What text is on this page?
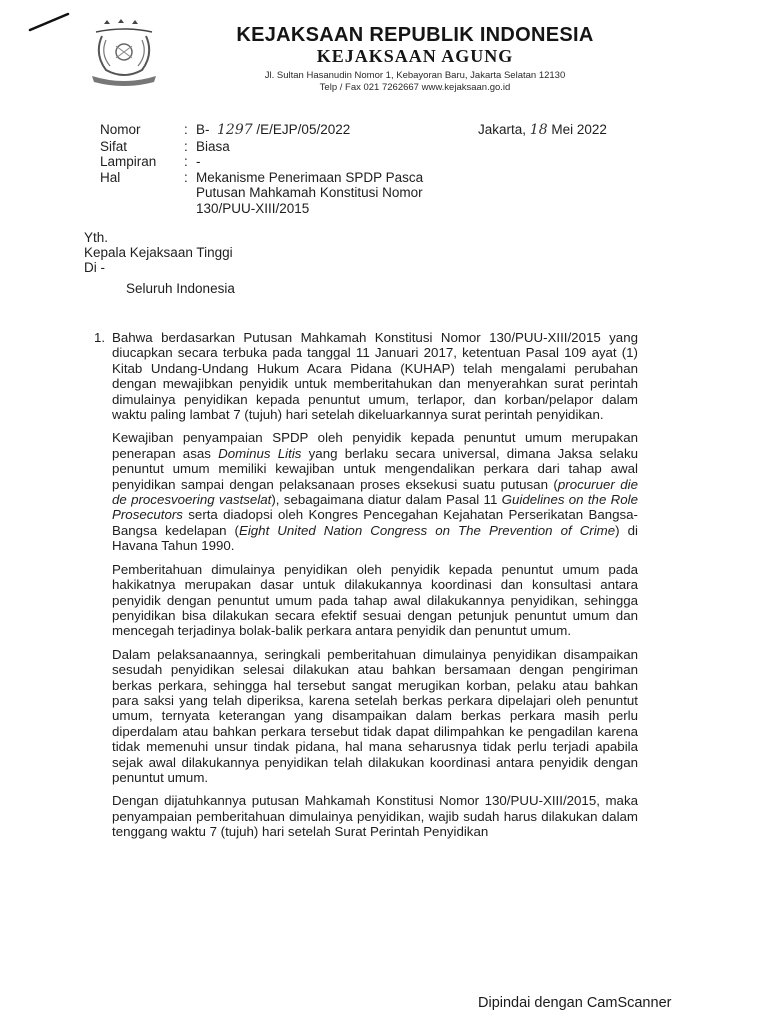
KEJAKSAAN REPUBLIK INDONESIA
KEJAKSAAN AGUNG
Jl. Sultan Hasanudin Nomor 1, Kebayoran Baru, Jakarta Selatan 12130
Telp / Fax 021 7262667 www.kejaksaan.go.id
Nomor	: B- 1297 /E/EJP/05/2022
Sifat	: Biasa
Lampiran	: -
Hal	: Mekanisme Penerimaan SPDP Pasca
Putusan Mahkamah Konstitusi Nomor
130/PUU-XIII/2015
Jakarta, 18 Mei 2022
Yth.
Kepala Kejaksaan Tinggi
Di -
Seluruh Indonesia
1. Bahwa berdasarkan Putusan Mahkamah Konstitusi Nomor 130/PUU-XIII/2015 yang diucapkan secara terbuka pada tanggal 11 Januari 2017, ketentuan Pasal 109 ayat (1) Kitab Undang-Undang Hukum Acara Pidana (KUHAP) telah mengalami perubahan dengan mewajibkan penyidik untuk memberitahukan dan menyerahkan surat perintah dimulainya penyidikan kepada penuntut umum, terlapor, dan korban/pelapor dalam waktu paling lambat 7 (tujuh) hari setelah dikeluarkannya surat perintah penyidikan.
Kewajiban penyampaian SPDP oleh penyidik kepada penuntut umum merupakan penerapan asas Dominus Litis yang berlaku secara universal, dimana Jaksa selaku penuntut umum memiliki kewajiban untuk mengendalikan perkara dari tahap awal penyidikan sampai dengan pelaksanaan proses eksekusi suatu putusan (procuruer die de procesvoering vastselat), sebagaimana diatur dalam Pasal 11 Guidelines on the Role Prosecutors serta diadopsi oleh Kongres Pencegahan Kejahatan Perserikatan Bangsa-Bangsa kedelapan (Eight United Nation Congress on The Prevention of Crime) di Havana Tahun 1990.
Pemberitahuan dimulainya penyidikan oleh penyidik kepada penuntut umum pada hakikatnya merupakan dasar untuk dilakukannya koordinasi dan konsultasi antara penyidik dengan penuntut umum pada tahap awal dilakukannya penyidikan, sehingga penyidikan bisa dilakukan secara efektif sesuai dengan petunjuk penuntut umum dan mencegah terjadinya bolak-balik perkara antara penyidik dan penuntut umum.
Dalam pelaksanaannya, seringkali pemberitahuan dimulainya penyidikan disampaikan sesudah penyidikan selesai dilakukan atau bahkan bersamaan dengan pengiriman berkas perkara, sehingga hal tersebut sangat merugikan korban, pelaku atau bahkan para saksi yang telah diperiksa, karena setelah berkas perkara dipelajari oleh penuntut umum, ternyata keterangan yang disampaikan dalam berkas perkara masih perlu diperdalam atau bahkan perkara tersebut tidak dapat dilimpahkan ke pengadilan karena tidak memenuhi unsur tindak pidana, hal mana seharusnya tidak perlu terjadi apabila sejak awal dilakukannya penyidikan telah dilakukan koordinasi antara penyidik dengan penuntut umum.
Dengan dijatuhkannya putusan Mahkamah Konstitusi Nomor 130/PUU-XIII/2015, maka penyampaian pemberitahuan dimulainya penyidikan, wajib sudah harus dilakukan dalam tenggang waktu 7 (tujuh) hari setelah Surat Perintah Penyidikan
Dipindai dengan CamScanner
